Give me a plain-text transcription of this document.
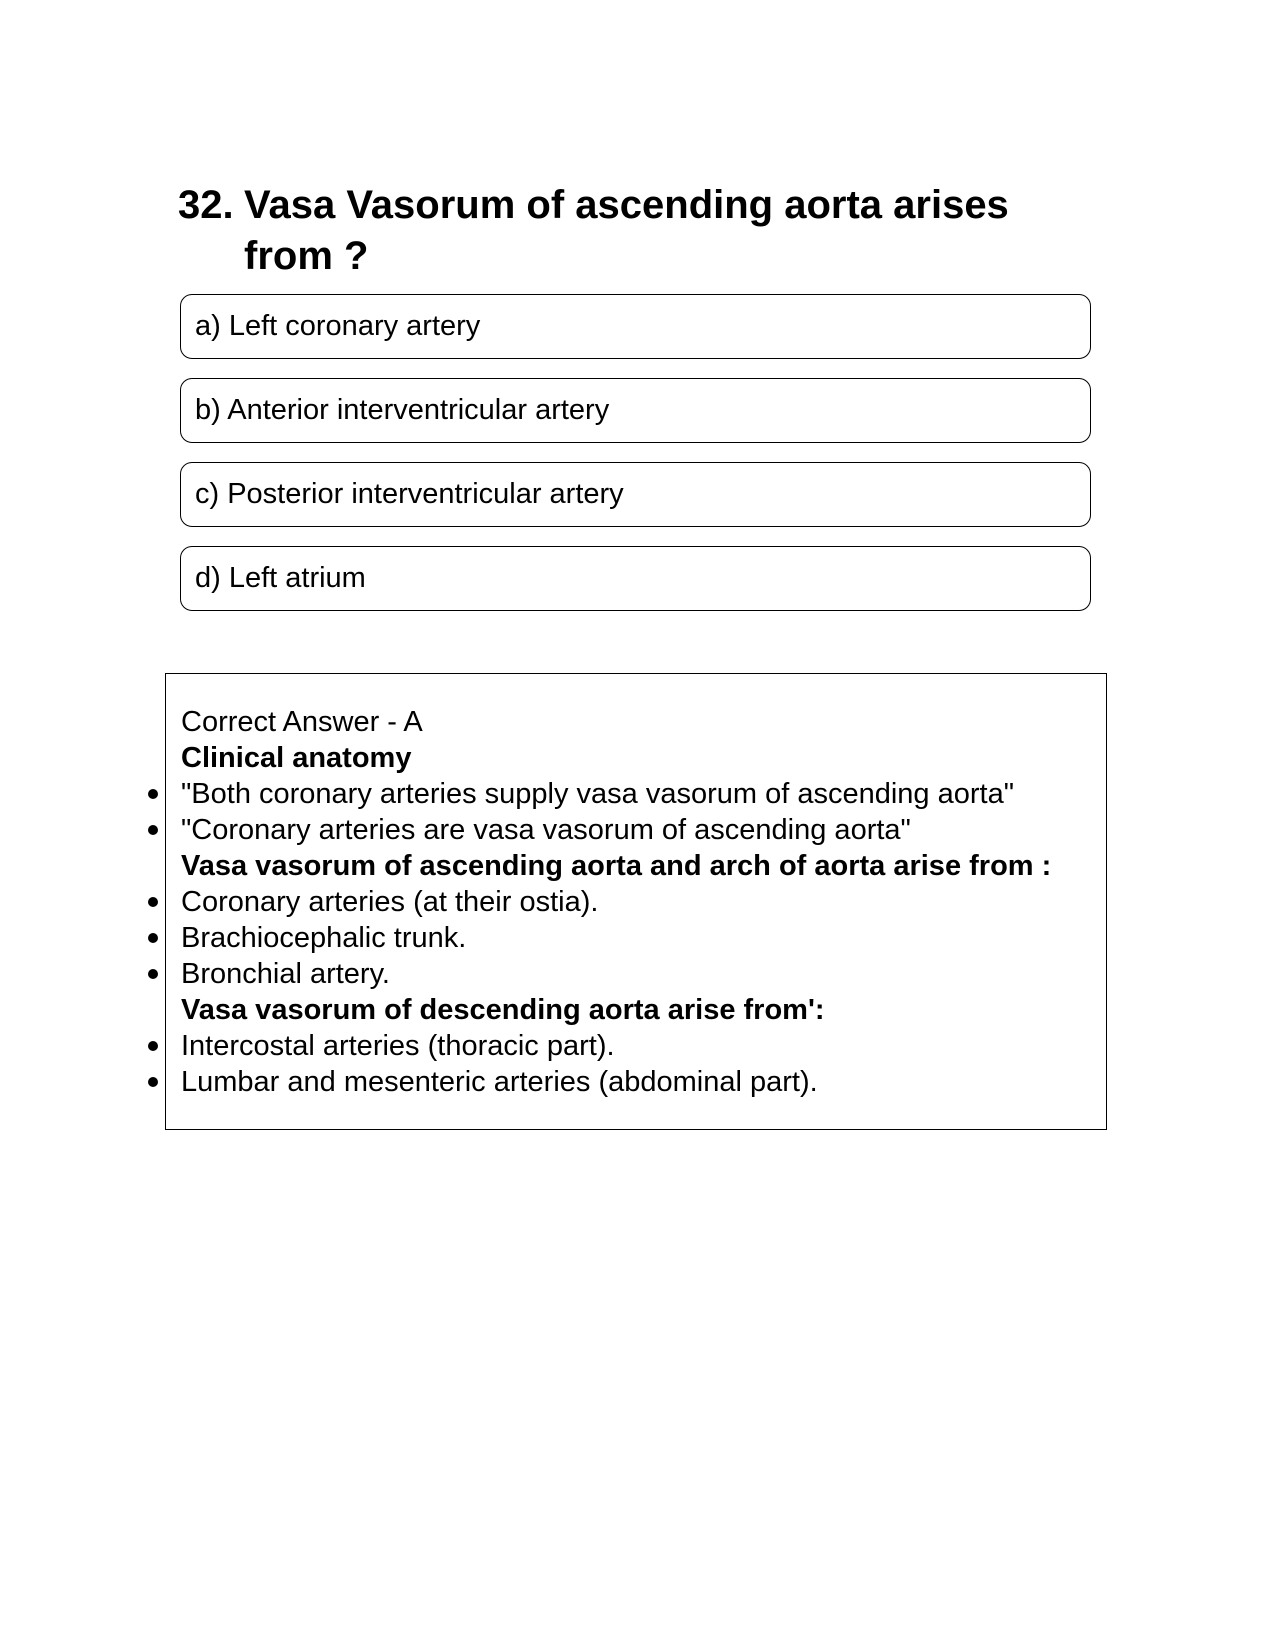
32. Vasa Vasorum of ascending aorta arises from ?
a) Left coronary artery
b) Anterior interventricular artery
c) Posterior interventricular artery
d) Left atrium
Correct Answer - A
Clinical anatomy
"Both coronary arteries supply vasa vasorum of ascending aorta"
"Coronary arteries are vasa vasorum of ascending aorta"
Vasa vasorum of ascending aorta and arch of aorta arise from :
Coronary arteries (at their ostia).
Brachiocephalic trunk.
Bronchial artery.
Vasa vasorum of descending aorta arise from':
Intercostal arteries (thoracic part).
Lumbar and mesenteric arteries (abdominal part).
